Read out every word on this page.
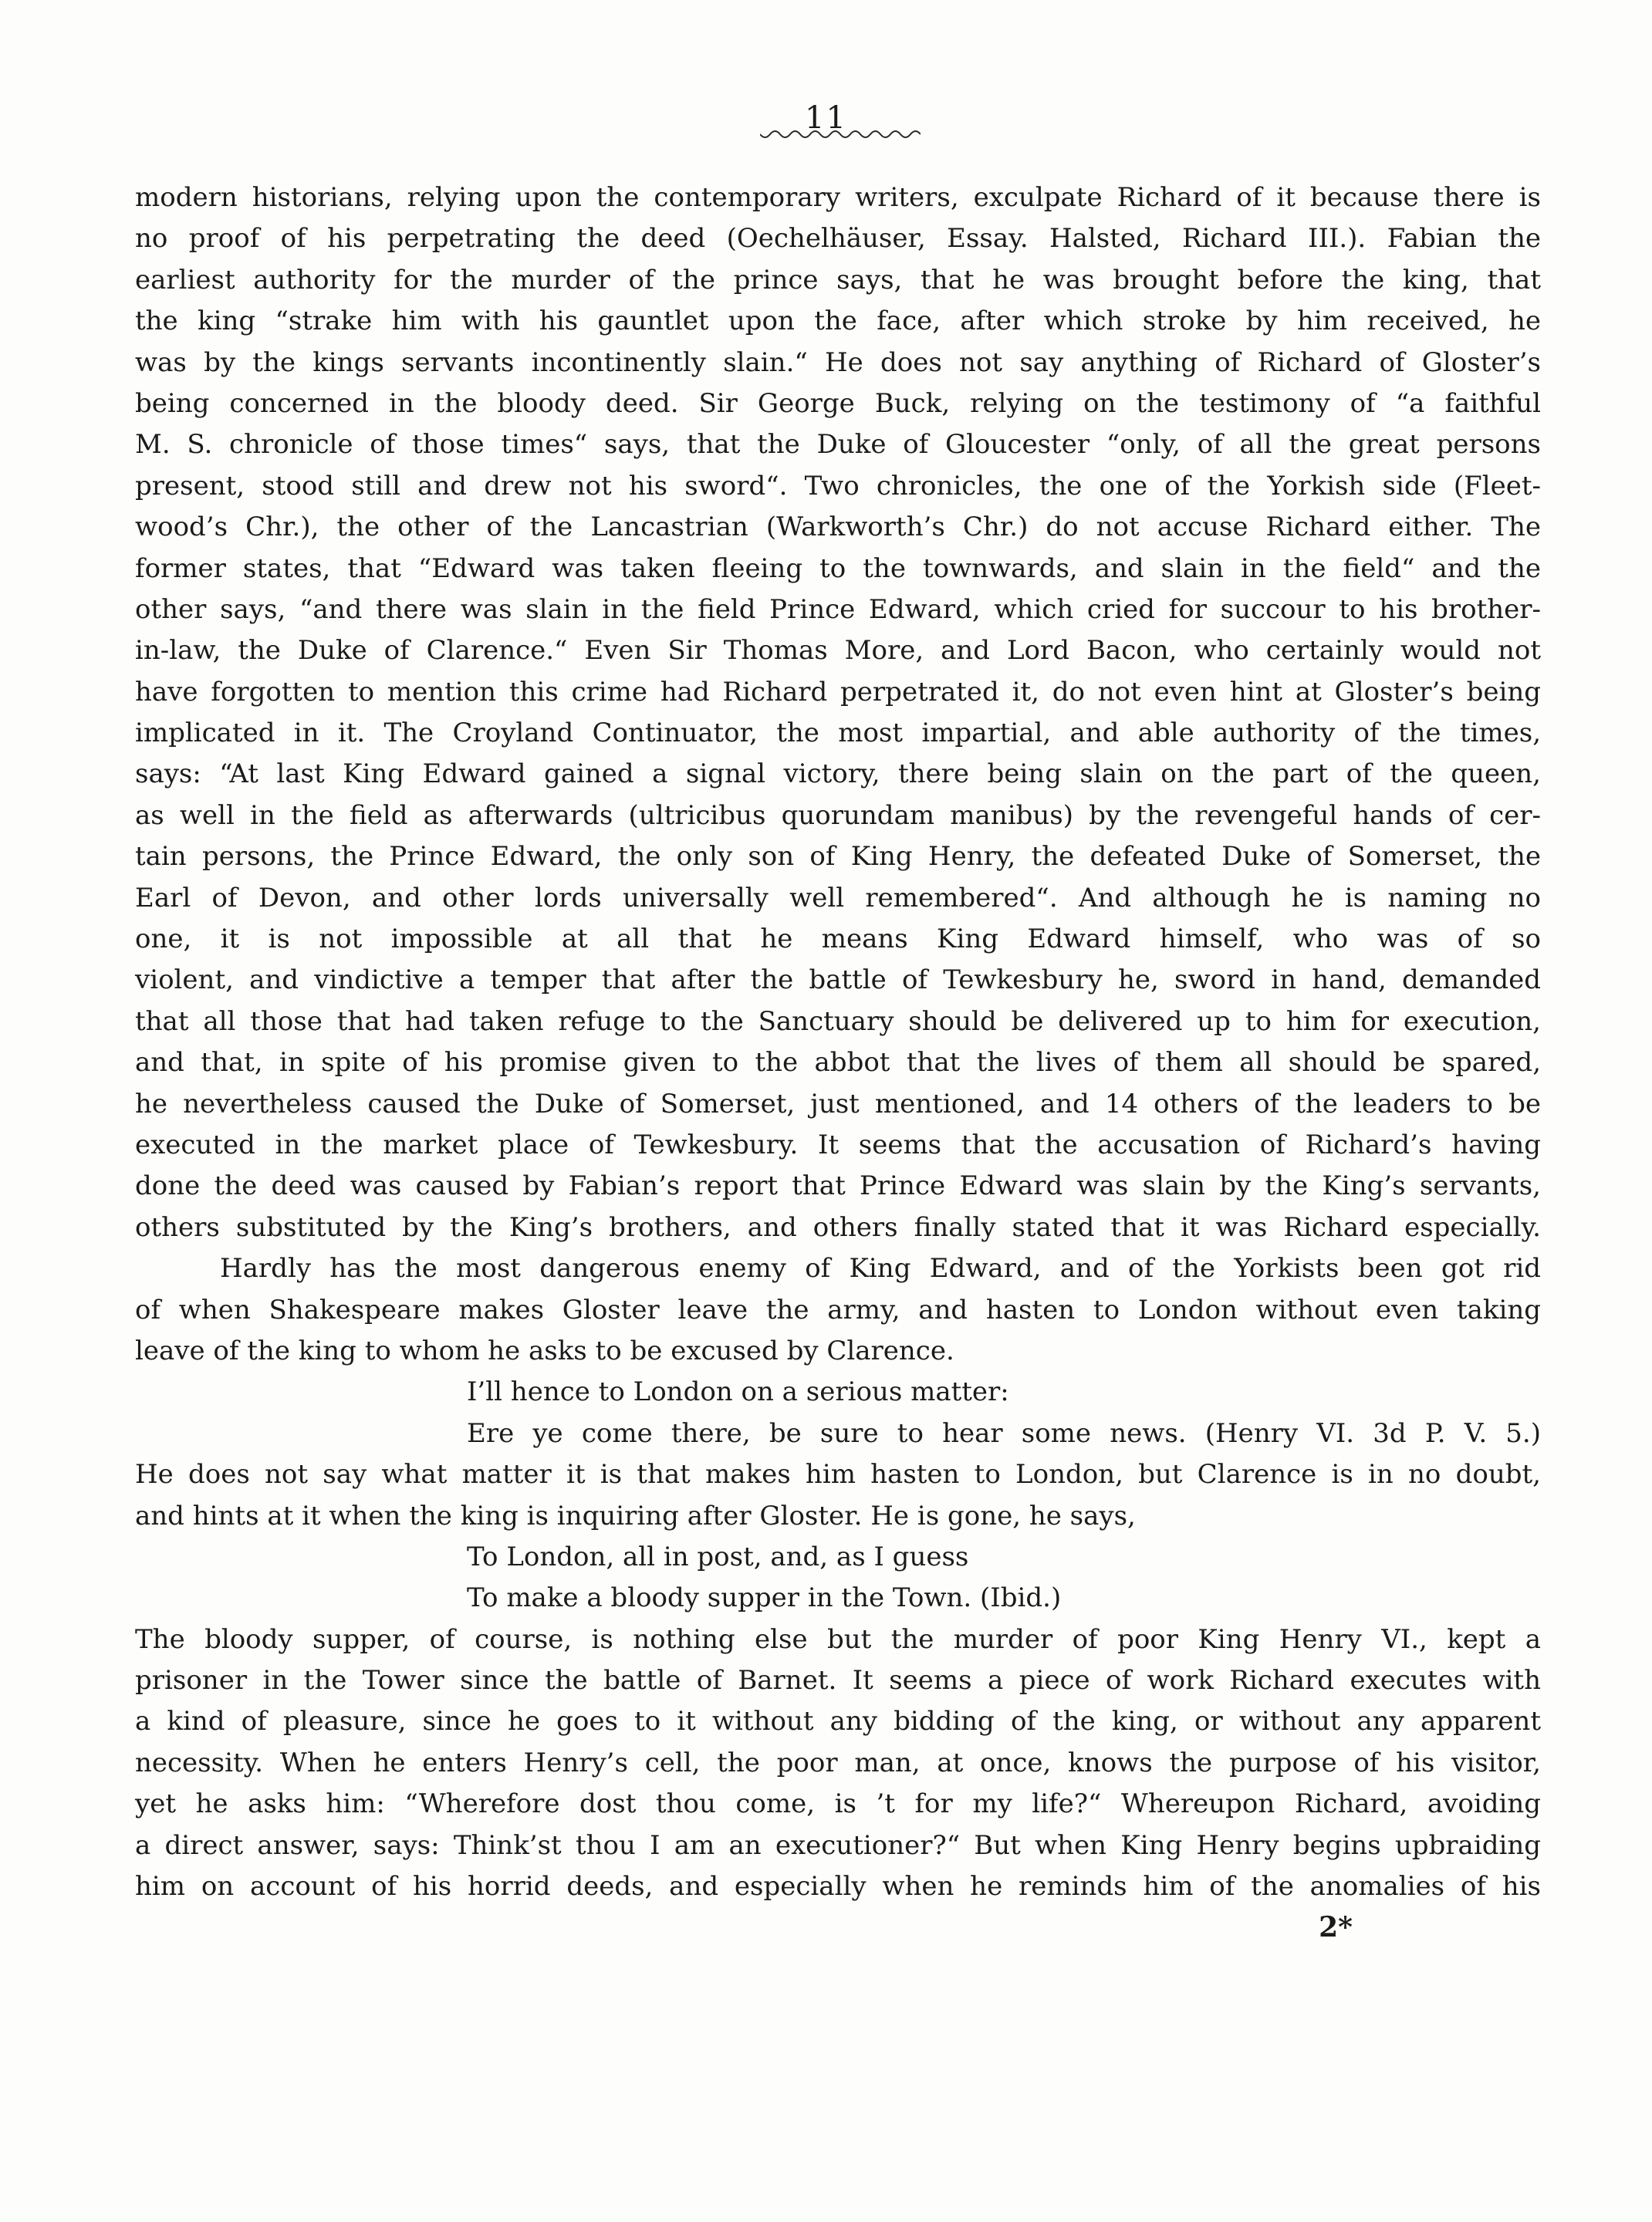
11
modern historians, relying upon the contemporary writers, exculpate Richard of it because there is
no proof of his perpetrating the deed (Oechelhäuser, Essay. Halsted, Richard III.). Fabian the
earliest authority for the murder of the prince says, that he was brought before the king, that
the king “strake him with his gauntlet upon the face, after which stroke by him received, he
was by the kings servants incontinently slain.“ He does not say anything of Richard of Gloster’s
being concerned in the bloody deed. Sir George Buck, relying on the testimony of “a faithful
M. S. chronicle of those times“ says, that the Duke of Gloucester “only, of all the great persons
present, stood still and drew not his sword“. Two chronicles, the one of the Yorkish side (Fleet-
wood’s Chr.), the other of the Lancastrian (Warkworth’s Chr.) do not accuse Richard either. The
former states, that “Edward was taken fleeing to the townwards, and slain in the field“ and the
other says, “and there was slain in the field Prince Edward, which cried for succour to his brother-
in-law, the Duke of Clarence.“ Even Sir Thomas More, and Lord Bacon, who certainly would not
have forgotten to mention this crime had Richard perpetrated it, do not even hint at Gloster’s being
implicated in it. The Croyland Continuator, the most impartial, and able authority of the times,
says: “At last King Edward gained a signal victory, there being slain on the part of the queen,
as well in the field as afterwards (ultricibus quorundam manibus) by the revengeful hands of cer-
tain persons, the Prince Edward, the only son of King Henry, the defeated Duke of Somerset, the
Earl of Devon, and other lords universally well remembered“. And although he is naming no
one, it is not impossible at all that he means King Edward himself, who was of so
violent, and vindictive a temper that after the battle of Tewkesbury he, sword in hand, demanded
that all those that had taken refuge to the Sanctuary should be delivered up to him for execution,
and that, in spite of his promise given to the abbot that the lives of them all should be spared,
he nevertheless caused the Duke of Somerset, just mentioned, and 14 others of the leaders to be
executed in the market place of Tewkesbury. It seems that the accusation of Richard’s having
done the deed was caused by Fabian’s report that Prince Edward was slain by the King’s servants,
others substituted by the King’s brothers, and others finally stated that it was Richard especially.
Hardly has the most dangerous enemy of King Edward, and of the Yorkists been got rid
of when Shakespeare makes Gloster leave the army, and hasten to London without even taking
leave of the king to whom he asks to be excused by Clarence.
I’ll hence to London on a serious matter:
Ere ye come there, be sure to hear some news. (Henry VI. 3d P. V. 5.)
He does not say what matter it is that makes him hasten to London, but Clarence is in no doubt,
and hints at it when the king is inquiring after Gloster. He is gone, he says,
To London, all in post, and, as I guess
To make a bloody supper in the Town. (Ibid.)
The bloody supper, of course, is nothing else but the murder of poor King Henry VI., kept a
prisoner in the Tower since the battle of Barnet. It seems a piece of work Richard executes with
a kind of pleasure, since he goes to it without any bidding of the king, or without any apparent
necessity. When he enters Henry’s cell, the poor man, at once, knows the purpose of his visitor,
yet he asks him: “Wherefore dost thou come, is ’t for my life?“ Whereupon Richard, avoiding
a direct answer, says: Think’st thou I am an executioner?“ But when King Henry begins upbraiding
him on account of his horrid deeds, and especially when he reminds him of the anomalies of his
2*
